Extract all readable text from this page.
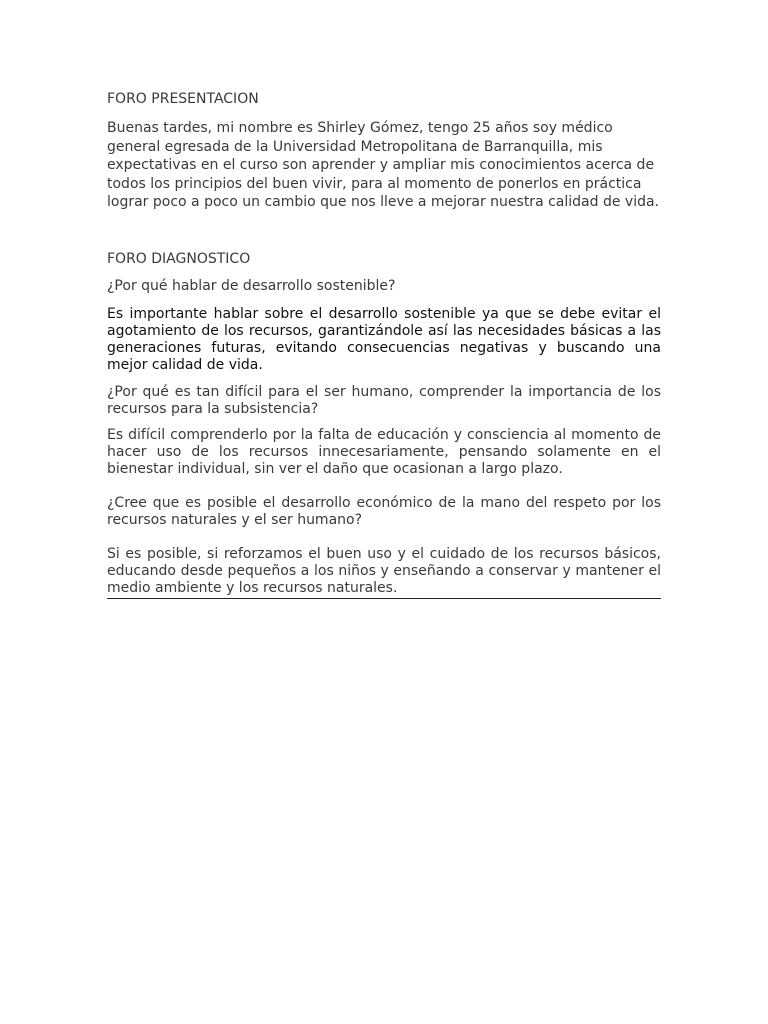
FORO PRESENTACION

Buenas tardes, mi nombre es Shirley Gómez, tengo 25 años soy médico general egresada de la Universidad Metropolitana de Barranquilla, mis expectativas en el curso son aprender y ampliar mis conocimientos acerca de todos los principios del buen vivir, para al momento de ponerlos en práctica lograr poco a poco un cambio que nos lleve a mejorar nuestra calidad de vida.

FORO DIAGNOSTICO

¿Por qué hablar de desarrollo sostenible?

Es importante hablar sobre el desarrollo sostenible ya que se debe evitar el agotamiento de los recursos, garantizándole así las necesidades básicas a las generaciones futuras, evitando consecuencias negativas y buscando una mejor calidad de vida.

¿Por qué es tan difícil para el ser humano, comprender la importancia de los recursos para la subsistencia?

Es difícil comprenderlo por la falta de educación y consciencia al momento de hacer uso de los recursos innecesariamente, pensando solamente en el bienestar individual, sin ver el daño que ocasionan a largo plazo.

¿Cree que es posible el desarrollo económico de la mano del respeto por los recursos naturales y el ser humano?

Si es posible, si reforzamos el buen uso y el cuidado de los recursos básicos, educando desde pequeños a los niños y enseñando a conservar y mantener el medio ambiente y los recursos naturales.
